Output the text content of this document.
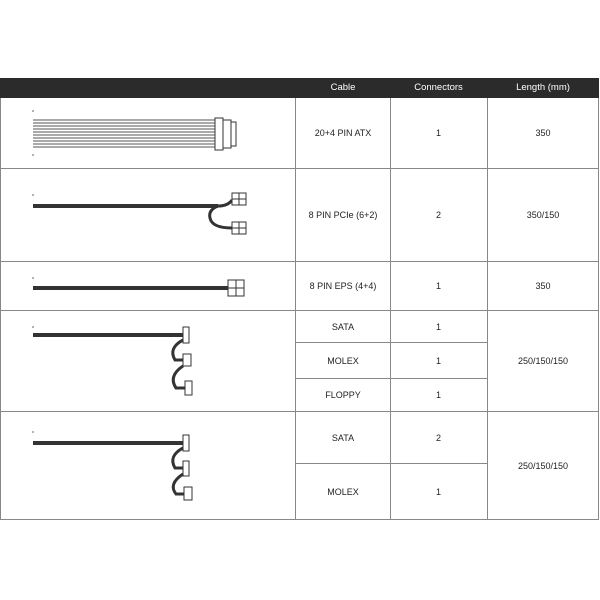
Cable	Connectors	Length (mm)
20+4 PIN ATX	1	350
8 PIN PCIe (6+2)	2	350/150
8 PIN EPS (4+4)	1	350
SATA	1
MOLEX	1
FLOPPY	1
250/150/150
SATA	2
MOLEX	1
250/150/150
